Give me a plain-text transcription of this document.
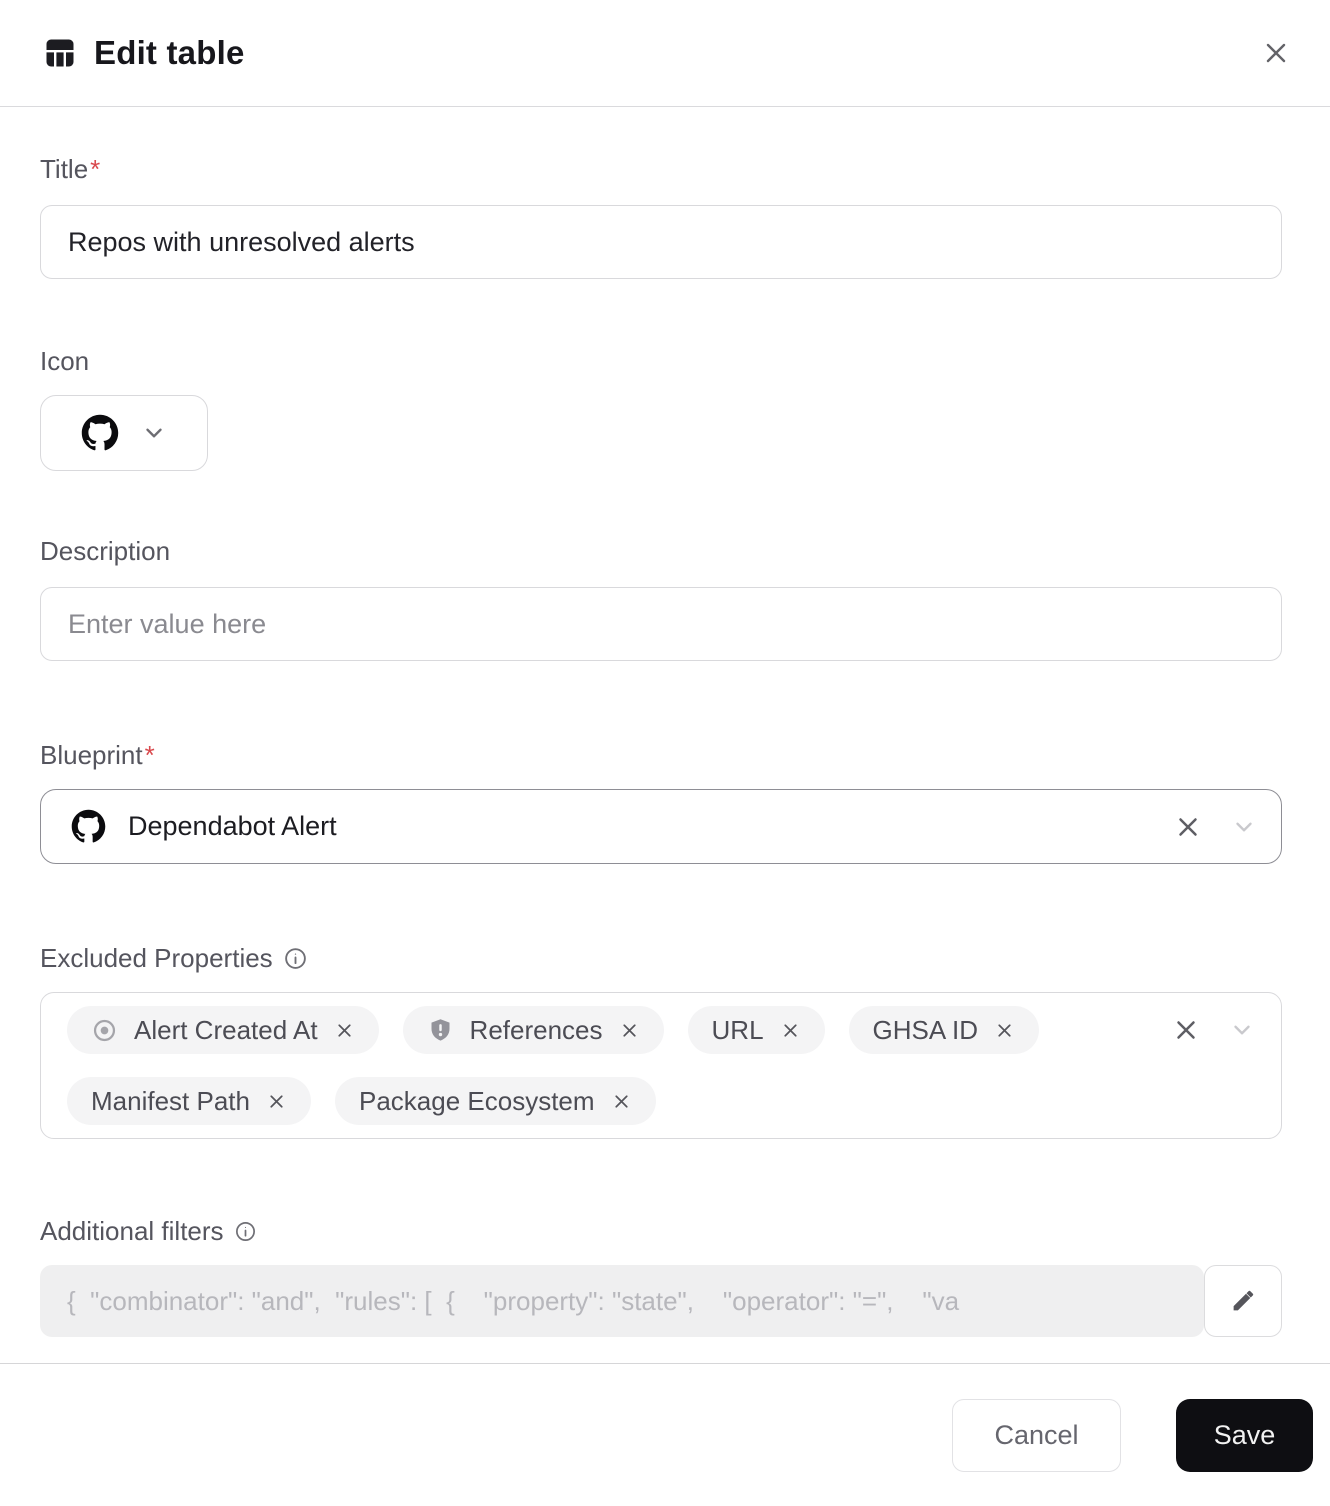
Edit table
Title *
Repos with unresolved alerts
Icon
Description
Enter value here
Blueprint *
Dependabot Alert
Excluded Properties
Alert Created At	References	URL	GHSA ID
Manifest Path	Package Ecosystem
Additional filters
{ "combinator": "and", "rules": [ { "property": "state", "operator": "=", "va
Cancel	Save
